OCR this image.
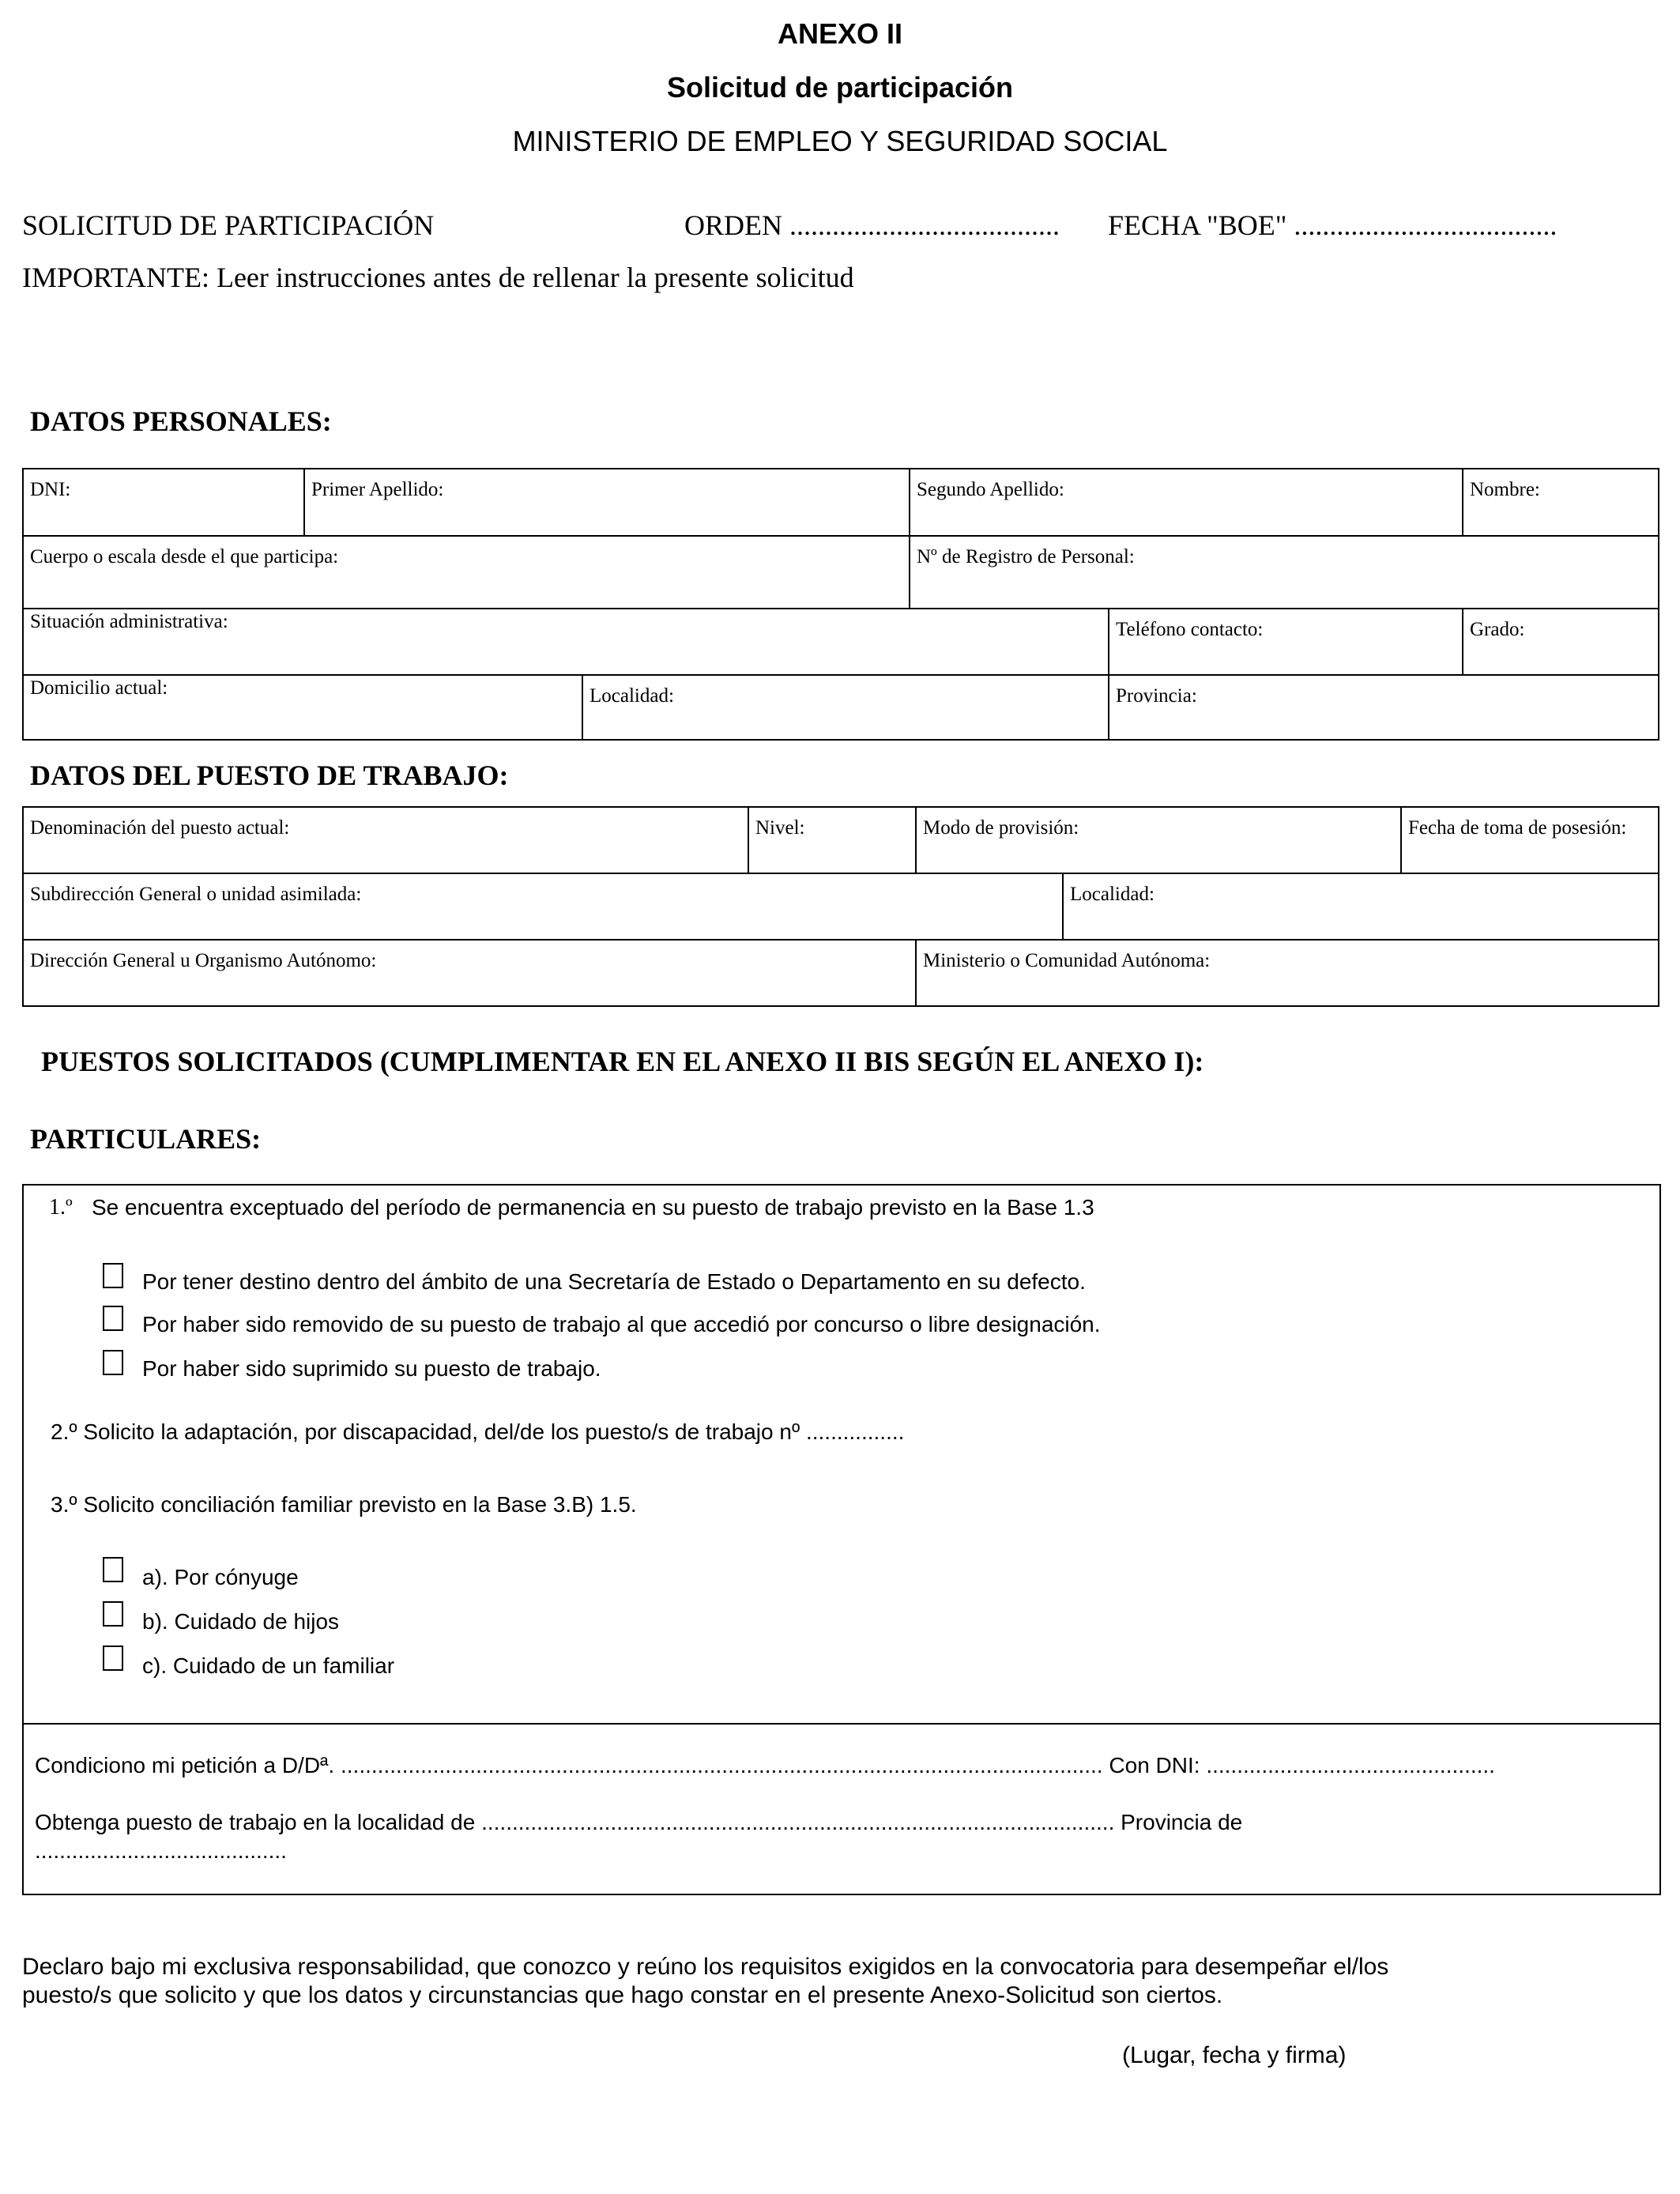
ANEXO II
Solicitud de participación
MINISTERIO DE EMPLEO Y SEGURIDAD SOCIAL
SOLICITUD DE PARTICIPACIÓN	ORDEN ...................................... FECHA "BOE" .....................................
IMPORTANTE: Leer instrucciones antes de rellenar la presente solicitud
DATOS PERSONALES:
DNI:	Primer Apellido:	Segundo Apellido:	Nombre:
Cuerpo o escala desde el que participa:	Nº de Registro de Personal:
Situación administrativa:	Teléfono contacto:	Grado:
Domicilio actual:	Localidad:	Provincia:
DATOS DEL PUESTO DE TRABAJO:
Denominación del puesto actual:	Nivel:	Modo de provisión:	Fecha de toma de posesión:
Subdirección General o unidad asimilada:	Localidad:
Dirección General u Organismo Autónomo:	Ministerio o Comunidad Autónoma:
PUESTOS SOLICITADOS (CUMPLIMENTAR EN EL ANEXO II BIS SEGÚN EL ANEXO I):
PARTICULARES:
1.º Se encuentra exceptuado del período de permanencia en su puesto de trabajo previsto en la Base 1.3
Por tener destino dentro del ámbito de una Secretaría de Estado o Departamento en su defecto.
Por haber sido removido de su puesto de trabajo al que accedió por concurso o libre designación.
Por haber sido suprimido su puesto de trabajo.
2.º Solicito la adaptación, por discapacidad, del/de los puesto/s de trabajo nº ................
3.º Solicito conciliación familiar previsto en la Base 3.B) 1.5.
a). Por cónyuge
b). Cuidado de hijos
c). Cuidado de un familiar
Condiciono mi petición a D/Dª. ............................................................................................................................ Con DNI: ...............................................
Obtenga puesto de trabajo en la localidad de ....................................................................................................... Provincia de
.........................................
Declaro bajo mi exclusiva responsabilidad, que conozco y reúno los requisitos exigidos en la convocatoria para desempeñar el/los
puesto/s que solicito y que los datos y circunstancias que hago constar en el presente Anexo-Solicitud son ciertos.
(Lugar, fecha y firma)
